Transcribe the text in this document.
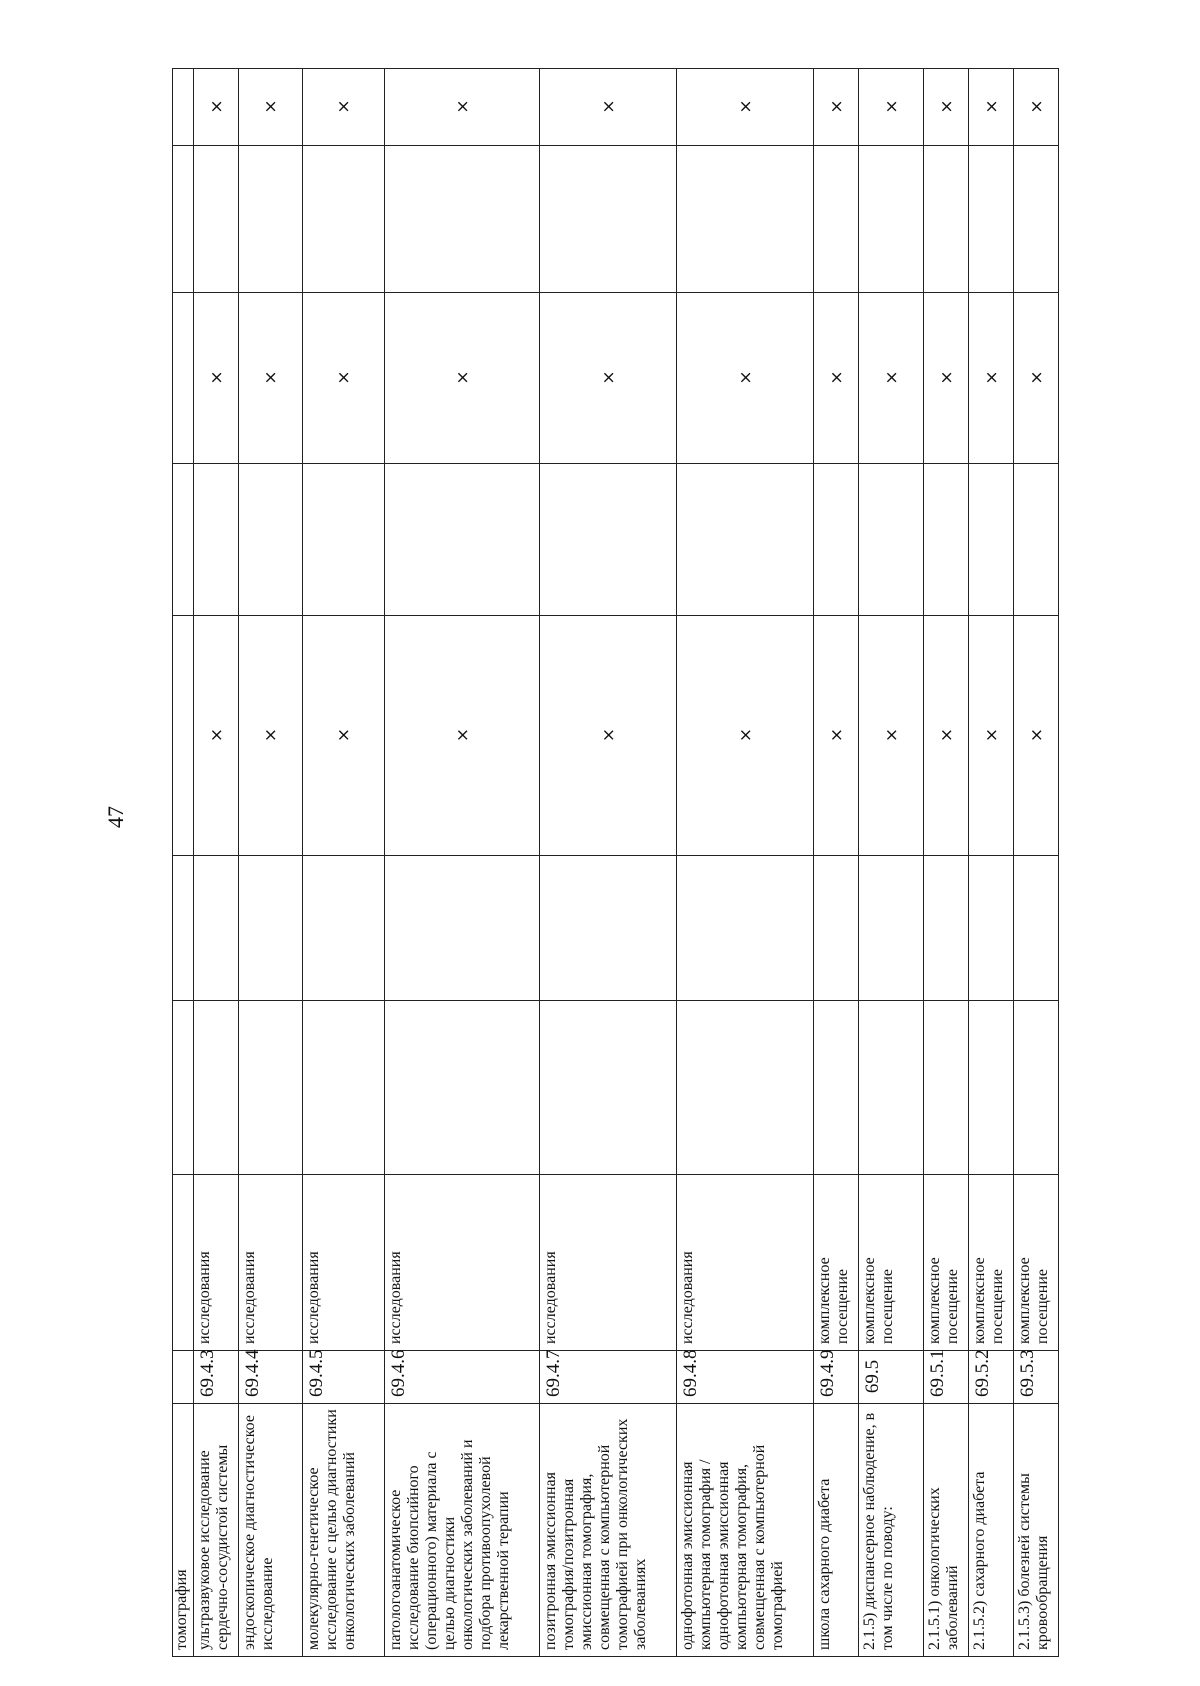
47
томография									
ультразвуковое исследование сердечно-сосудистой системы	69.4.3	исследования			×		×		×
эндоскопическое диагностическое исследование	69.4.4	исследования			×		×		×
молекулярно-генетическое исследование с целью диагностики онкологических заболеваний	69.4.5	исследования			×		×		×
патологоанатомическое исследование биопсийного (операционного) материала с целью диагностики онкологических заболеваний и подбора противоопухолевой лекарственной терапии	69.4.6	исследования			×		×		×
позитронная эмиссионная томография/позитронная эмиссионная томография, совмещенная с компьютерной томографией при онкологических заболеваниях	69.4.7	исследования			×		×		×
однофотонная эмиссионная компьютерная томография / однофотонная эмиссионная компьютерная томография, совмещенная с компьютерной томографией	69.4.8	исследования			×		×		×
школа сахарного диабета	69.4.9	комплексное посещение			×		×		×
2.1.5) диспансерное наблюдение, в том числе по поводу:	69.5	комплексное посещение			×		×		×
2.1.5.1) онкологических заболеваний	69.5.1	комплексное посещение			×		×		×
2.1.5.2) сахарного диабета	69.5.2	комплексное посещение			×		×		×
2.1.5.3) болезней системы кровообращения	69.5.3	комплексное посещение			×		×		×
